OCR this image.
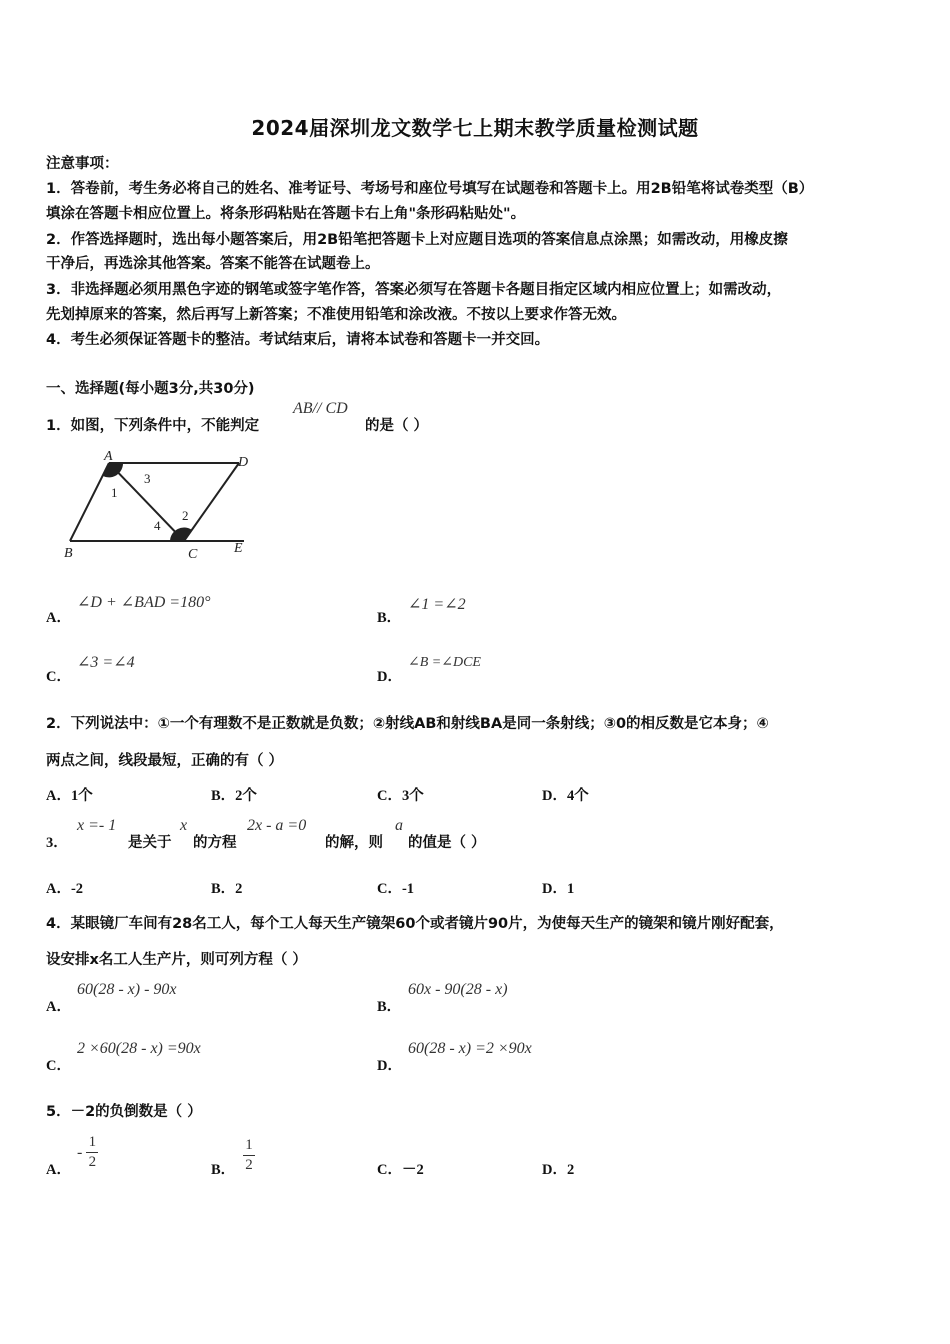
2024届深圳龙文数学七上期末教学质量检测试题
注意事项：
1．答卷前，考生务必将自己的姓名、准考证号、考场号和座位号填写在试题卷和答题卡上。用2B铅笔将试卷类型（B）
填涂在答题卡相应位置上。将条形码粘贴在答题卡右上角"条形码粘贴处"。
2．作答选择题时，选出每小题答案后，用2B铅笔把答题卡上对应题目选项的答案信息点涂黑；如需改动，用橡皮擦
干净后，再选涂其他答案。答案不能答在试题卷上。
3．非选择题必须用黑色字迹的钢笔或签字笔作答，答案必须写在答题卡各题目指定区域内相应位置上；如需改动，
先划掉原来的答案，然后再写上新答案；不准使用铅笔和涂改液。不按以上要求作答无效。
4．考生必须保证答题卡的整洁。考试结束后，请将本试卷和答题卡一并交回。
一、选择题(每小题3分,共30分)
1．如图，下列条件中，不能判定
AB// CD
的是（ ）
A	D
B	C	E
1
2
3
4
A．
∠D + ∠BAD =180°
B．
∠1 =∠2
C．
∠3 =∠4
D．
∠B =∠DCE
2．下列说法中：①一个有理数不是正数就是负数；②射线AB和射线BA是同一条射线；③0的相反数是它本身；④
两点之间，线段最短，正确的有（ ）
A．1个	B．2个	C．3个	D．4个
3．
x =- 1
是关于
x
的方程
2x - a =0
的解，则
a
的值是（ ）
A．-2	B．2	C．-1	D．1
4．某眼镜厂车间有28名工人，每个工人每天生产镜架60个或者镜片90片，为使每天生产的镜架和镜片刚好配套，
设安排x名工人生产片，则可列方程（ ）
A．
60(28 - x) - 90x
B．
60x - 90(28 - x)
C．
2 ×60(28 - x) =90x
D．
60(28 - x) =2 ×90x
5．－2的负倒数是（ ）
A．
- $\frac{1}{2}$	B． $\frac{1}{2}$	C．－2	D．2
